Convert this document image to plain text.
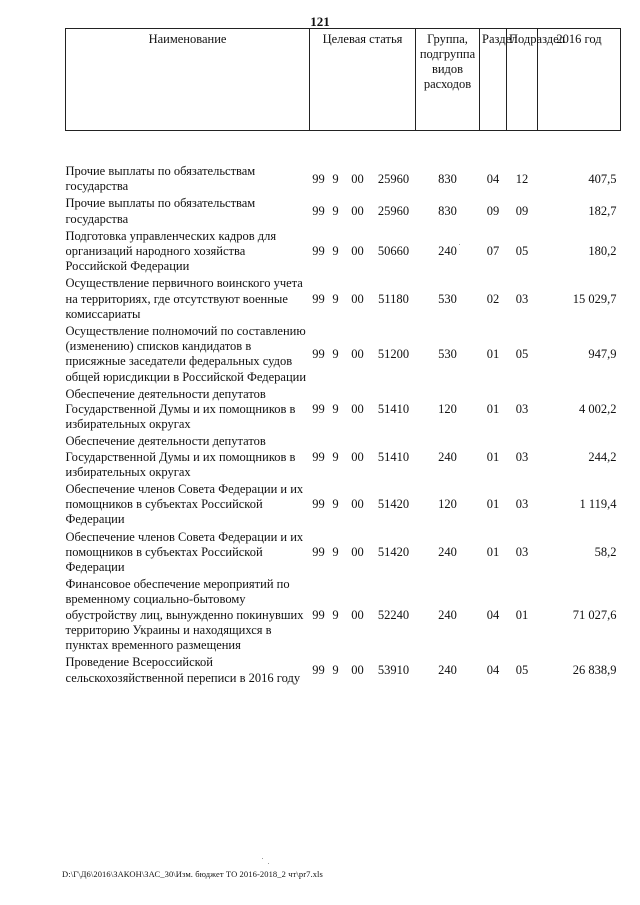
121
Наименование	Целевая статья				Группа, подгруппа видов расходов	Раздел	Подраздел	2016 год

Прочие выплаты по обязательствам государства	99	9	00	25960	830	04	12	407,5
Прочие выплаты по обязательствам государства	99	9	00	25960	830	09	09	182,7
Подготовка управленческих кадров для организаций народного хозяйства Российской Федерации	99	9	00	50660	240	07	05	180,2
Осуществление первичного воинского учета на территориях, где отсутствуют военные комиссариаты	99	9	00	51180	530	02	03	15 029,7
Осуществление полномочий по составлению (изменению) списков кандидатов в присяжные заседатели федеральных судов общей юрисдикции в Российской Федерации	99	9	00	51200	530	01	05	947,9
Обеспечение деятельности депутатов Государственной Думы и их помощников в избирательных округах	99	9	00	51410	120	01	03	4 002,2
Обеспечение деятельности депутатов Государственной Думы и их помощников в избирательных округах	99	9	00	51410	240	01	03	244,2
Обеспечение членов Совета Федерации и их помощников в субъектах Российской Федерации	99	9	00	51420	120	01	03	1 119,4
Обеспечение членов Совета Федерации и их помощников в субъектах Российской Федерации	99	9	00	51420	240	01	03	58,2
Финансовое обеспечение мероприятий по временному социально-бытовому обустройству лиц, вынужденно покинувших территорию Украины и находящихся в пунктах временного размещения	99	9	00	52240	240	04	01	71 027,6
Проведение Всероссийской сельскохозяйственной переписи в 2016 году	99	9	00	53910	240	04	05	26 838,9
D:\Г\Д6\2016\ЗАКОН\ЗАС_30\Изм. бюджет ТО 2016-2018_2 чт\pr7.xls
